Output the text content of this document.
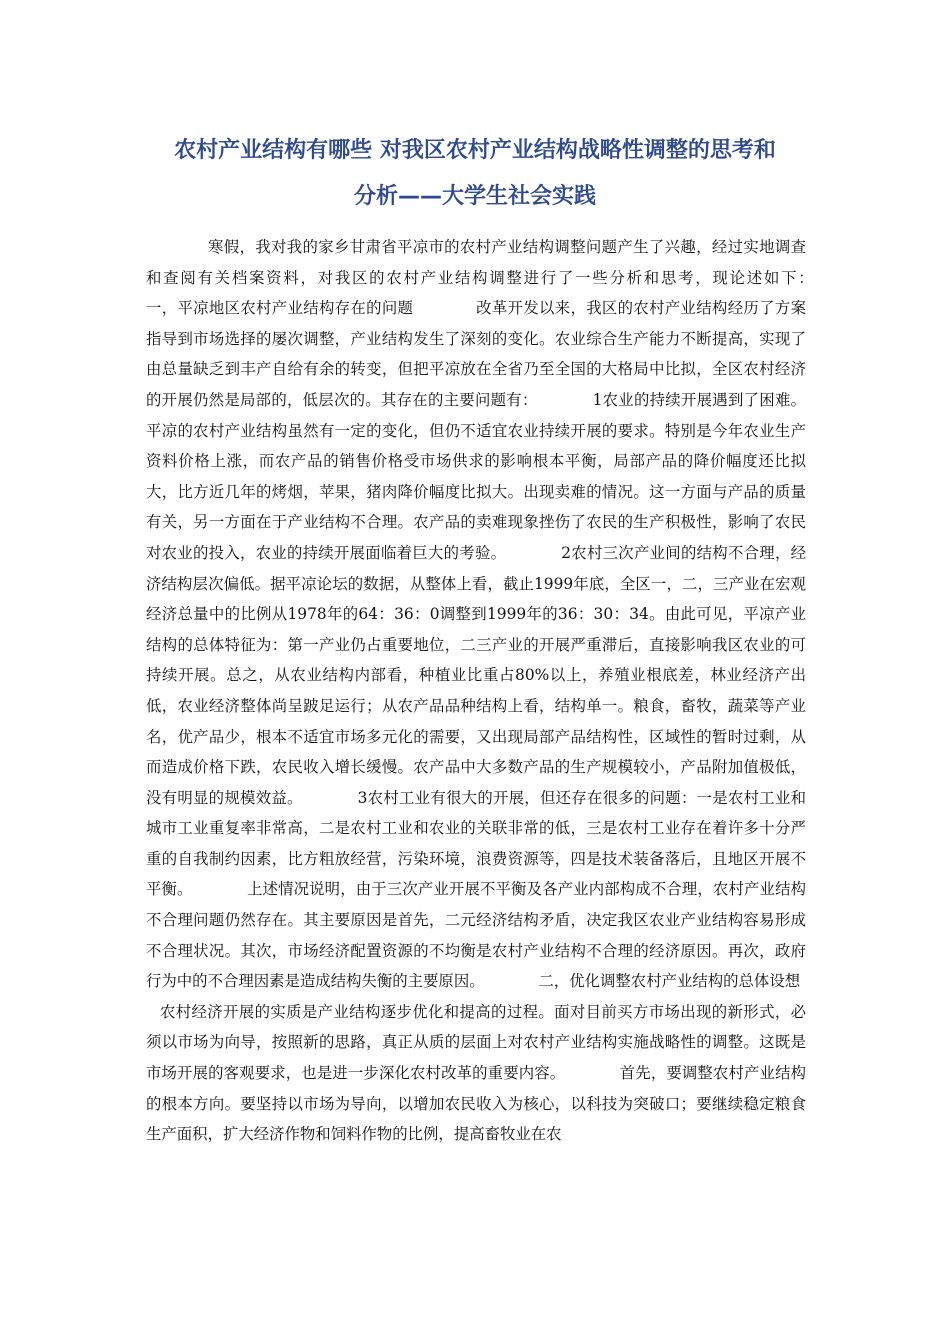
农村产业结构有哪些 对我区农村产业结构战略性调整的思考和
分析——大学生社会实践

寒假，我对我的家乡甘肃省平凉市的农村产业结构调整问题产生了兴趣，经过实地调查和查阅有关档案资料，对我区的农村产业结构调整进行了一些分析和思考，现论述如下：　　　　一，平凉地区农村产业结构存在的问题　　　　改革开发以来，我区的农村产业结构经历了方案指导到市场选择的屡次调整，产业结构发生了深刻的变化。农业综合生产能力不断提高，实现了由总量缺乏到丰产自给有余的转变，但把平凉放在全省乃至全国的大格局中比拟，全区农村经济的开展仍然是局部的，低层次的。其存在的主要问题有：　　　　1农业的持续开展遇到了困难。平凉的农村产业结构虽然有一定的变化，但仍不适宜农业持续开展的要求。特别是今年农业生产资料价格上涨，而农产品的销售价格受市场供求的影响根本平衡，局部产品的降价幅度还比拟大，比方近几年的烤烟，苹果，猪肉降价幅度比拟大。出现卖难的情况。这一方面与产品的质量有关，另一方面在于产业结构不合理。农产品的卖难现象挫伤了农民的生产积极性，影响了农民对农业的投入，农业的持续开展面临着巨大的考验。　　　　2农村三次产业间的结构不合理，经济结构层次偏低。据平凉论坛的数据，从整体上看，截止1999年底，全区一，二，三产业在宏观经济总量中的比例从1978年的64：36：0调整到1999年的36：30：34。由此可见，平凉产业结构的总体特征为：第一产业仍占重要地位，二三产业的开展严重滞后，直接影响我区农业的可持续开展。总之，从农业结构内部看，种植业比重占80%以上，养殖业根底差，林业经济产出低，农业经济整体尚呈跛足运行；从农产品品种结构上看，结构单一。粮食，畜牧，蔬菜等产业名，优产品少，根本不适宜市场多元化的需要，又出现局部产品结构性，区域性的暂时过剩，从而造成价格下跌，农民收入增长缓慢。农产品中大多数产品的生产规模较小，产品附加值极低，没有明显的规模效益。　　　　3农村工业有很大的开展，但还存在很多的问题：一是农村工业和城市工业重复率非常高，二是农村工业和农业的关联非常的低，三是农村工业存在着许多十分严重的自我制约因素，比方粗放经营，污染环境，浪费资源等，四是技术装备落后，且地区开展不平衡。　　　　上述情况说明，由于三次产业开展不平衡及各产业内部构成不合理，农村产业结构不合理问题仍然存在。其主要原因是首先，二元经济结构矛盾，决定我区农业产业结构容易形成不合理状况。其次，市场经济配置资源的不均衡是农村产业结构不合理的经济原因。再次，政府行为中的不合理因素是造成结构失衡的主要原因。　　　　二，优化调整农村产业结构的总体设想

农村经济开展的实质是产业结构逐步优化和提高的过程。面对目前买方市场出现的新形式，必须以市场为向导，按照新的思路，真正从质的层面上对农村产业结构实施战略性的调整。这既是市场开展的客观要求，也是进一步深化农村改革的重要内容。　　　　首先，要调整农村产业结构的根本方向。要坚持以市场为导向，以增加农民收入为核心，以科技为突破口；要继续稳定粮食生产面积，扩大经济作物和饲料作物的比例，提高畜牧业在农
